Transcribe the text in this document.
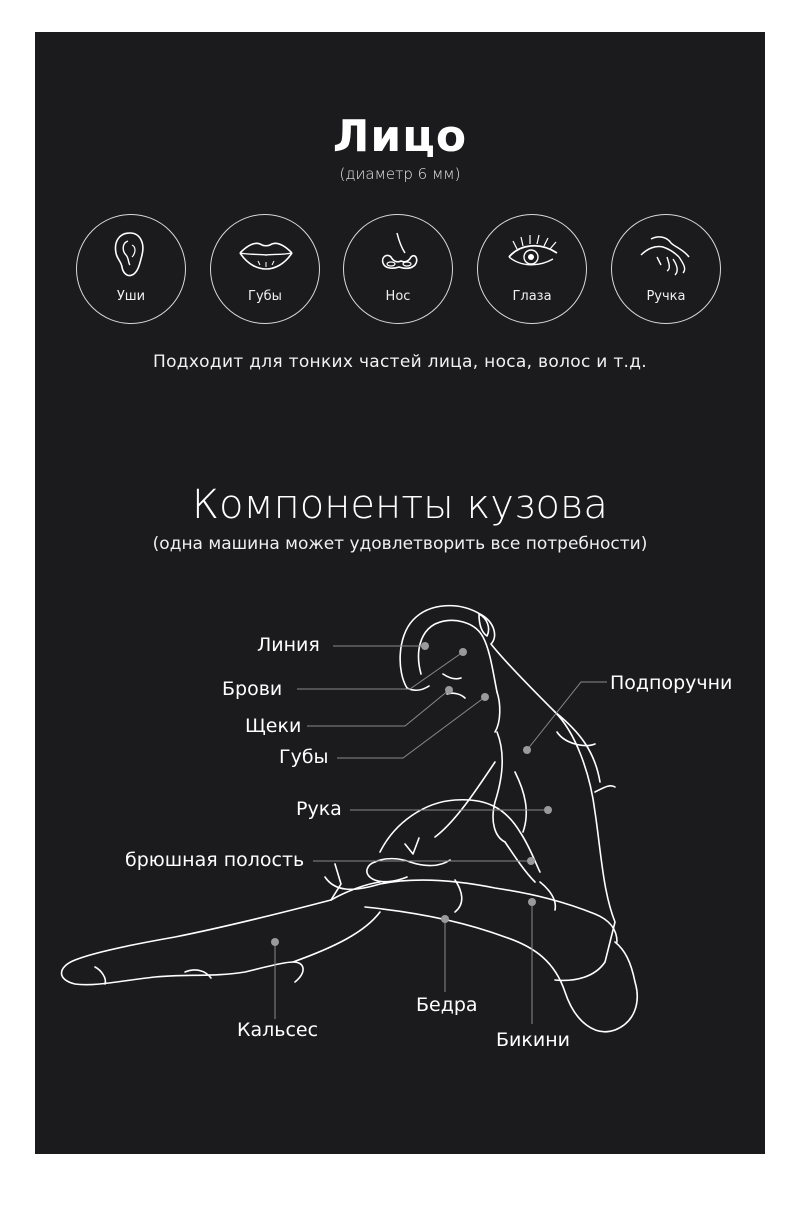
Лицо
(диаметр 6 мм)
Уши	Губы	Нос	Глаза	Ручка
Подходит для тонких частей лица, носа, волос и т.д.
Компоненты кузова
(одна машина может удовлетворить все потребности)
Линия
Брови
Щеки
Губы
Подпоручни
Рука
брюшная полость
Кальсес
Бедра
Бикини
